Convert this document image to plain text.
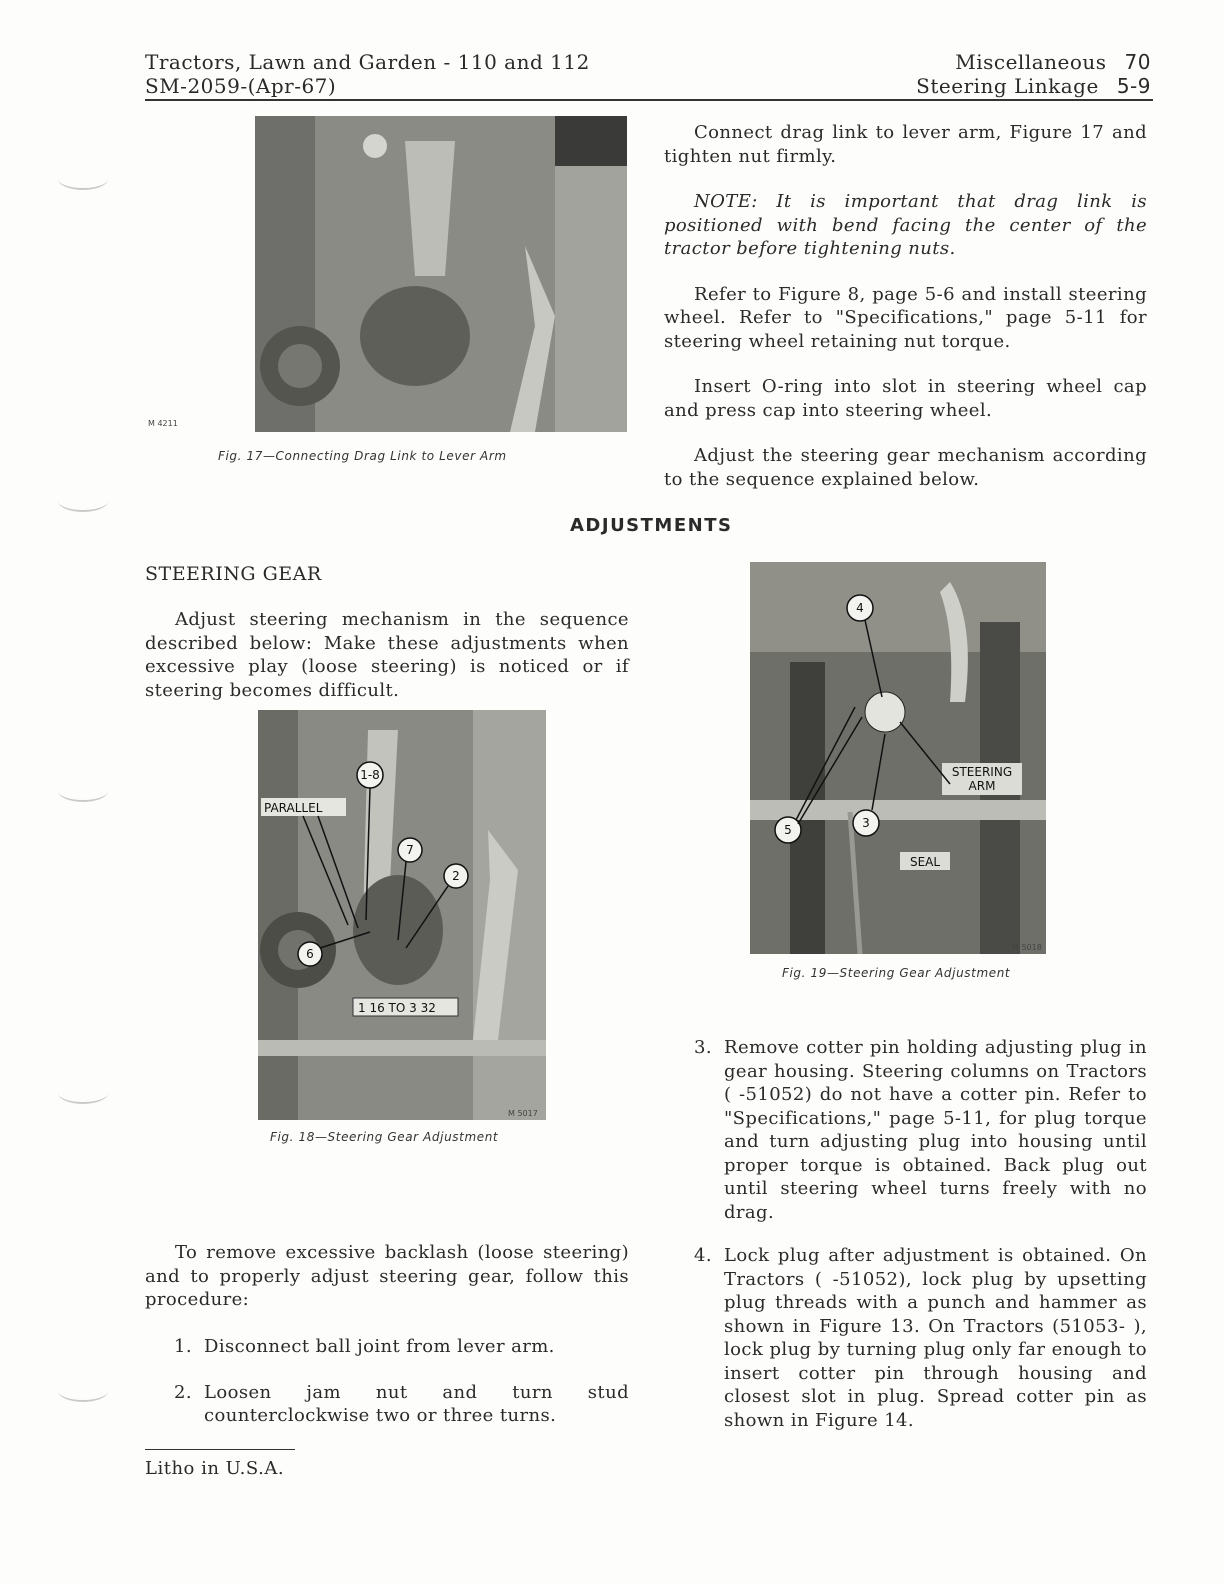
Tractors, Lawn and Garden - 110 and 112
SM-2059-(Apr-67)
Miscellaneous 70
Steering Linkage 5-9
M 4211
Fig. 17—Connecting Drag Link to Lever Arm

Connect drag link to lever arm, Figure 17 and tighten nut firmly.

NOTE: It is important that drag link is positioned with bend facing the center of the tractor before tightening nuts.

Refer to Figure 8, page 5-6 and install steering wheel. Refer to "Specifications," page 5-11 for steering wheel retaining nut torque.

Insert O-ring into slot in steering wheel cap and press cap into steering wheel.

Adjust the steering gear mechanism according to the sequence explained below.

ADJUSTMENTS
STEERING GEAR

Adjust steering mechanism in the sequence described below: Make these adjustments when excessive play (loose steering) is noticed or if steering becomes difficult.

1 16 TO 3 32
PARALLEL
1-8
7
2
6
M 5017
Fig. 18—Steering Gear Adjustment
STEERING
ARM
SEAL
4
5	3
M 5018
Fig. 19—Steering Gear Adjustment
3. Remove cotter pin holding adjusting plug in gear housing. Steering columns on Tractors ( -51052) do not have a cotter pin. Refer to "Specifications," page 5-11, for plug torque and turn adjusting plug into housing until proper torque is obtained. Back plug out until steering wheel turns freely with no drag.
4. Lock plug after adjustment is obtained. On Tractors ( -51052), lock plug by upsetting plug threads with a punch and hammer as shown in Figure 13. On Tractors (51053- ), lock plug by turning plug only far enough to insert cotter pin through housing and closest slot in plug. Spread cotter pin as shown in Figure 14.

To remove excessive backlash (loose steering) and to properly adjust steering gear, follow this procedure:

1. Disconnect ball joint from lever arm.
2. Loosen jam nut and turn stud counterclockwise two or three turns.
Litho in U.S.A.
